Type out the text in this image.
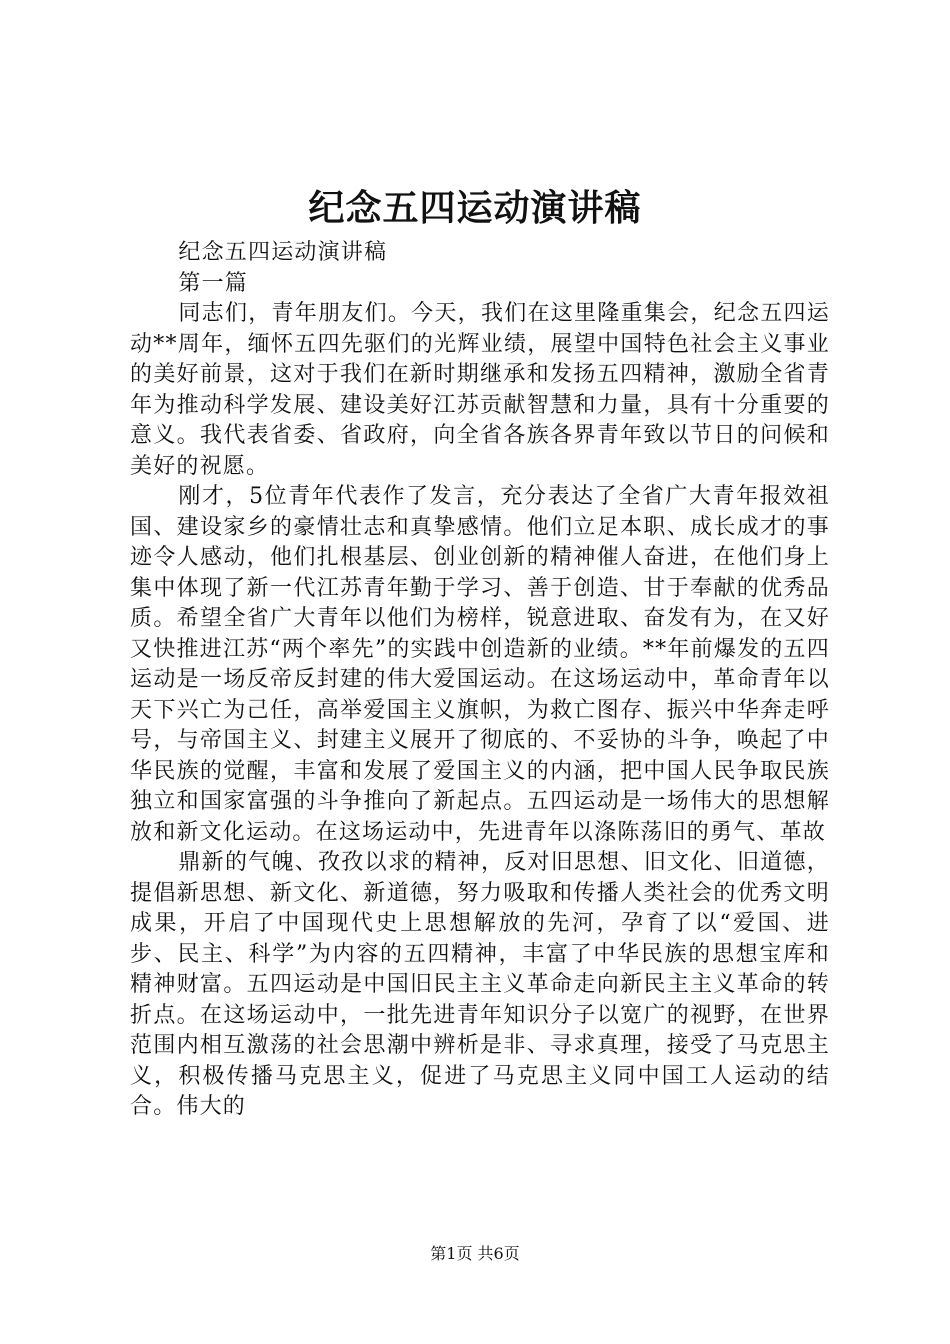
纪念五四运动演讲稿

纪念五四运动演讲稿

第一篇

同志们，青年朋友们。今天，我们在这里隆重集会，纪念五四运动**周年，缅怀五四先驱们的光辉业绩，展望中国特色社会主义事业的美好前景，这对于我们在新时期继承和发扬五四精神，激励全省青年为推动科学发展、建设美好江苏贡献智慧和力量，具有十分重要的意义。我代表省委、省政府，向全省各族各界青年致以节日的问候和美好的祝愿。

刚才，5位青年代表作了发言，充分表达了全省广大青年报效祖国、建设家乡的豪情壮志和真挚感情。他们立足本职、成长成才的事迹令人感动，他们扎根基层、创业创新的精神催人奋进，在他们身上集中体现了新一代江苏青年勤于学习、善于创造、甘于奉献的优秀品质。希望全省广大青年以他们为榜样，锐意进取、奋发有为，在又好又快推进江苏“两个率先”的实践中创造新的业绩。**年前爆发的五四运动是一场反帝反封建的伟大爱国运动。在这场运动中，革命青年以天下兴亡为己任，高举爱国主义旗帜，为救亡图存、振兴中华奔走呼号，与帝国主义、封建主义展开了彻底的、不妥协的斗争，唤起了中华民族的觉醒，丰富和发展了爱国主义的内涵，把中国人民争取民族独立和国家富强的斗争推向了新起点。五四运动是一场伟大的思想解放和新文化运动。在这场运动中，先进青年以涤陈荡旧的勇气、革故

鼎新的气魄、孜孜以求的精神，反对旧思想、旧文化、旧道德，提倡新思想、新文化、新道德，努力吸取和传播人类社会的优秀文明成果，开启了中国现代史上思想解放的先河，孕育了以“爱国、进步、民主、科学”为内容的五四精神，丰富了中华民族的思想宝库和精神财富。五四运动是中国旧民主主义革命走向新民主主义革命的转折点。在这场运动中，一批先进青年知识分子以宽广的视野，在世界范围内相互激荡的社会思潮中辨析是非、寻求真理，接受了马克思主义，积极传播马克思主义，促进了马克思主义同中国工人运动的结合。伟大的

第1页 共6页
